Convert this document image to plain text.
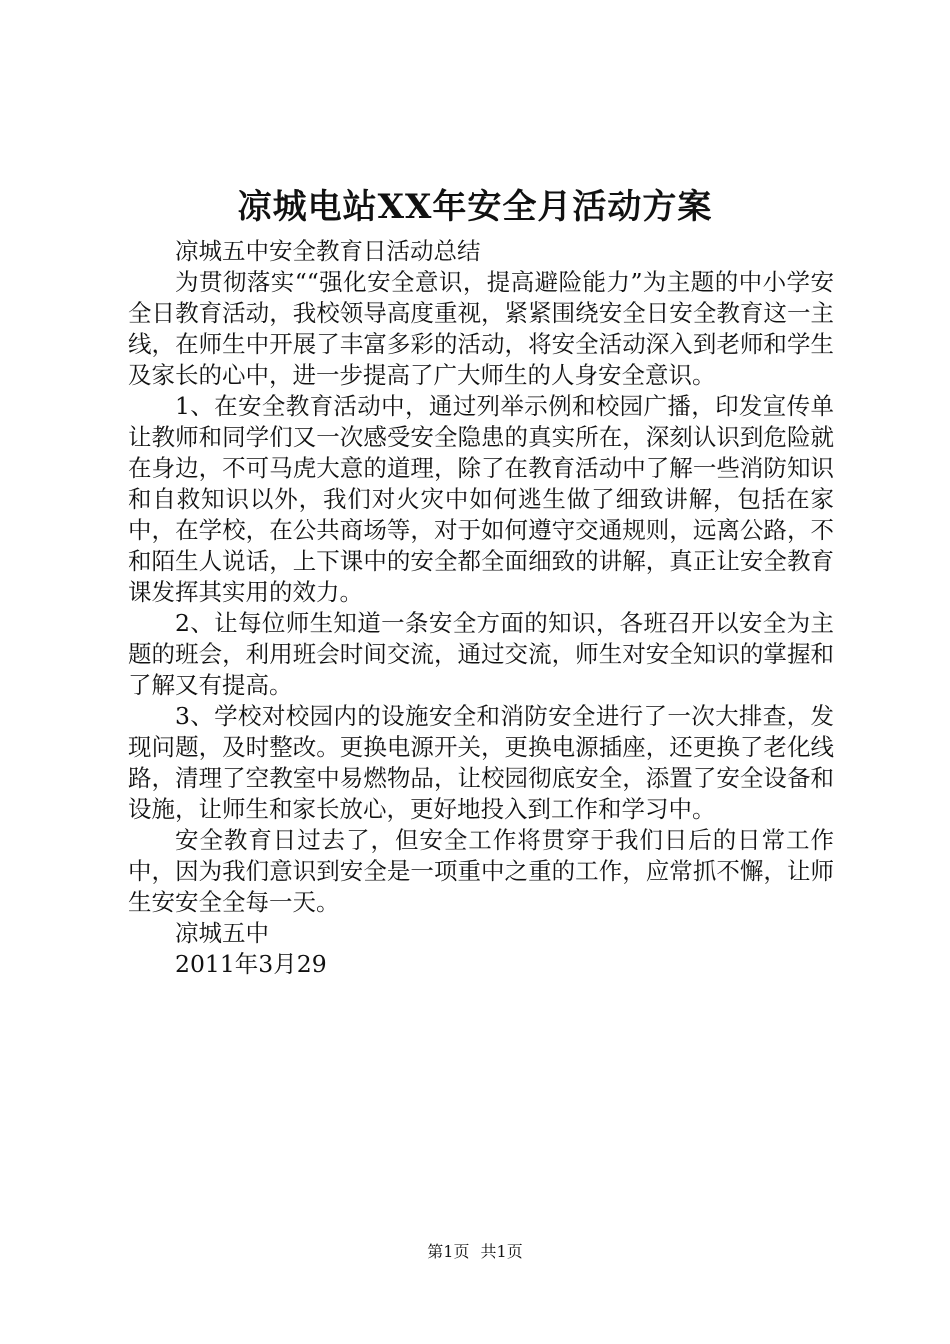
凉城电站XX年安全月活动方案

凉城五中安全教育日活动总结

为贯彻落实““强化安全意识，提高避险能力”为主题的中小学安全日教育活动，我校领导高度重视，紧紧围绕安全日安全教育这一主线，在师生中开展了丰富多彩的活动，将安全活动深入到老师和学生及家长的心中，进一步提高了广大师生的人身安全意识。

1、在安全教育活动中，通过列举示例和校园广播，印发宣传单让教师和同学们又一次感受安全隐患的真实所在，深刻认识到危险就在身边，不可马虎大意的道理，除了在教育活动中了解一些消防知识和自救知识以外，我们对火灾中如何逃生做了细致讲解，包括在家中，在学校，在公共商场等，对于如何遵守交通规则，远离公路，不和陌生人说话，上下课中的安全都全面细致的讲解，真正让安全教育课发挥其实用的效力。

2、让每位师生知道一条安全方面的知识，各班召开以安全为主题的班会，利用班会时间交流，通过交流，师生对安全知识的掌握和了解又有提高。

3、学校对校园内的设施安全和消防安全进行了一次大排查，发现问题，及时整改。更换电源开关，更换电源插座，还更换了老化线路，清理了空教室中易燃物品，让校园彻底安全，添置了安全设备和设施，让师生和家长放心，更好地投入到工作和学习中。

安全教育日过去了，但安全工作将贯穿于我们日后的日常工作中，因为我们意识到安全是一项重中之重的工作，应常抓不懈，让师生安安全全每一天。

凉城五中

2011年3月29

第1页 共1页
